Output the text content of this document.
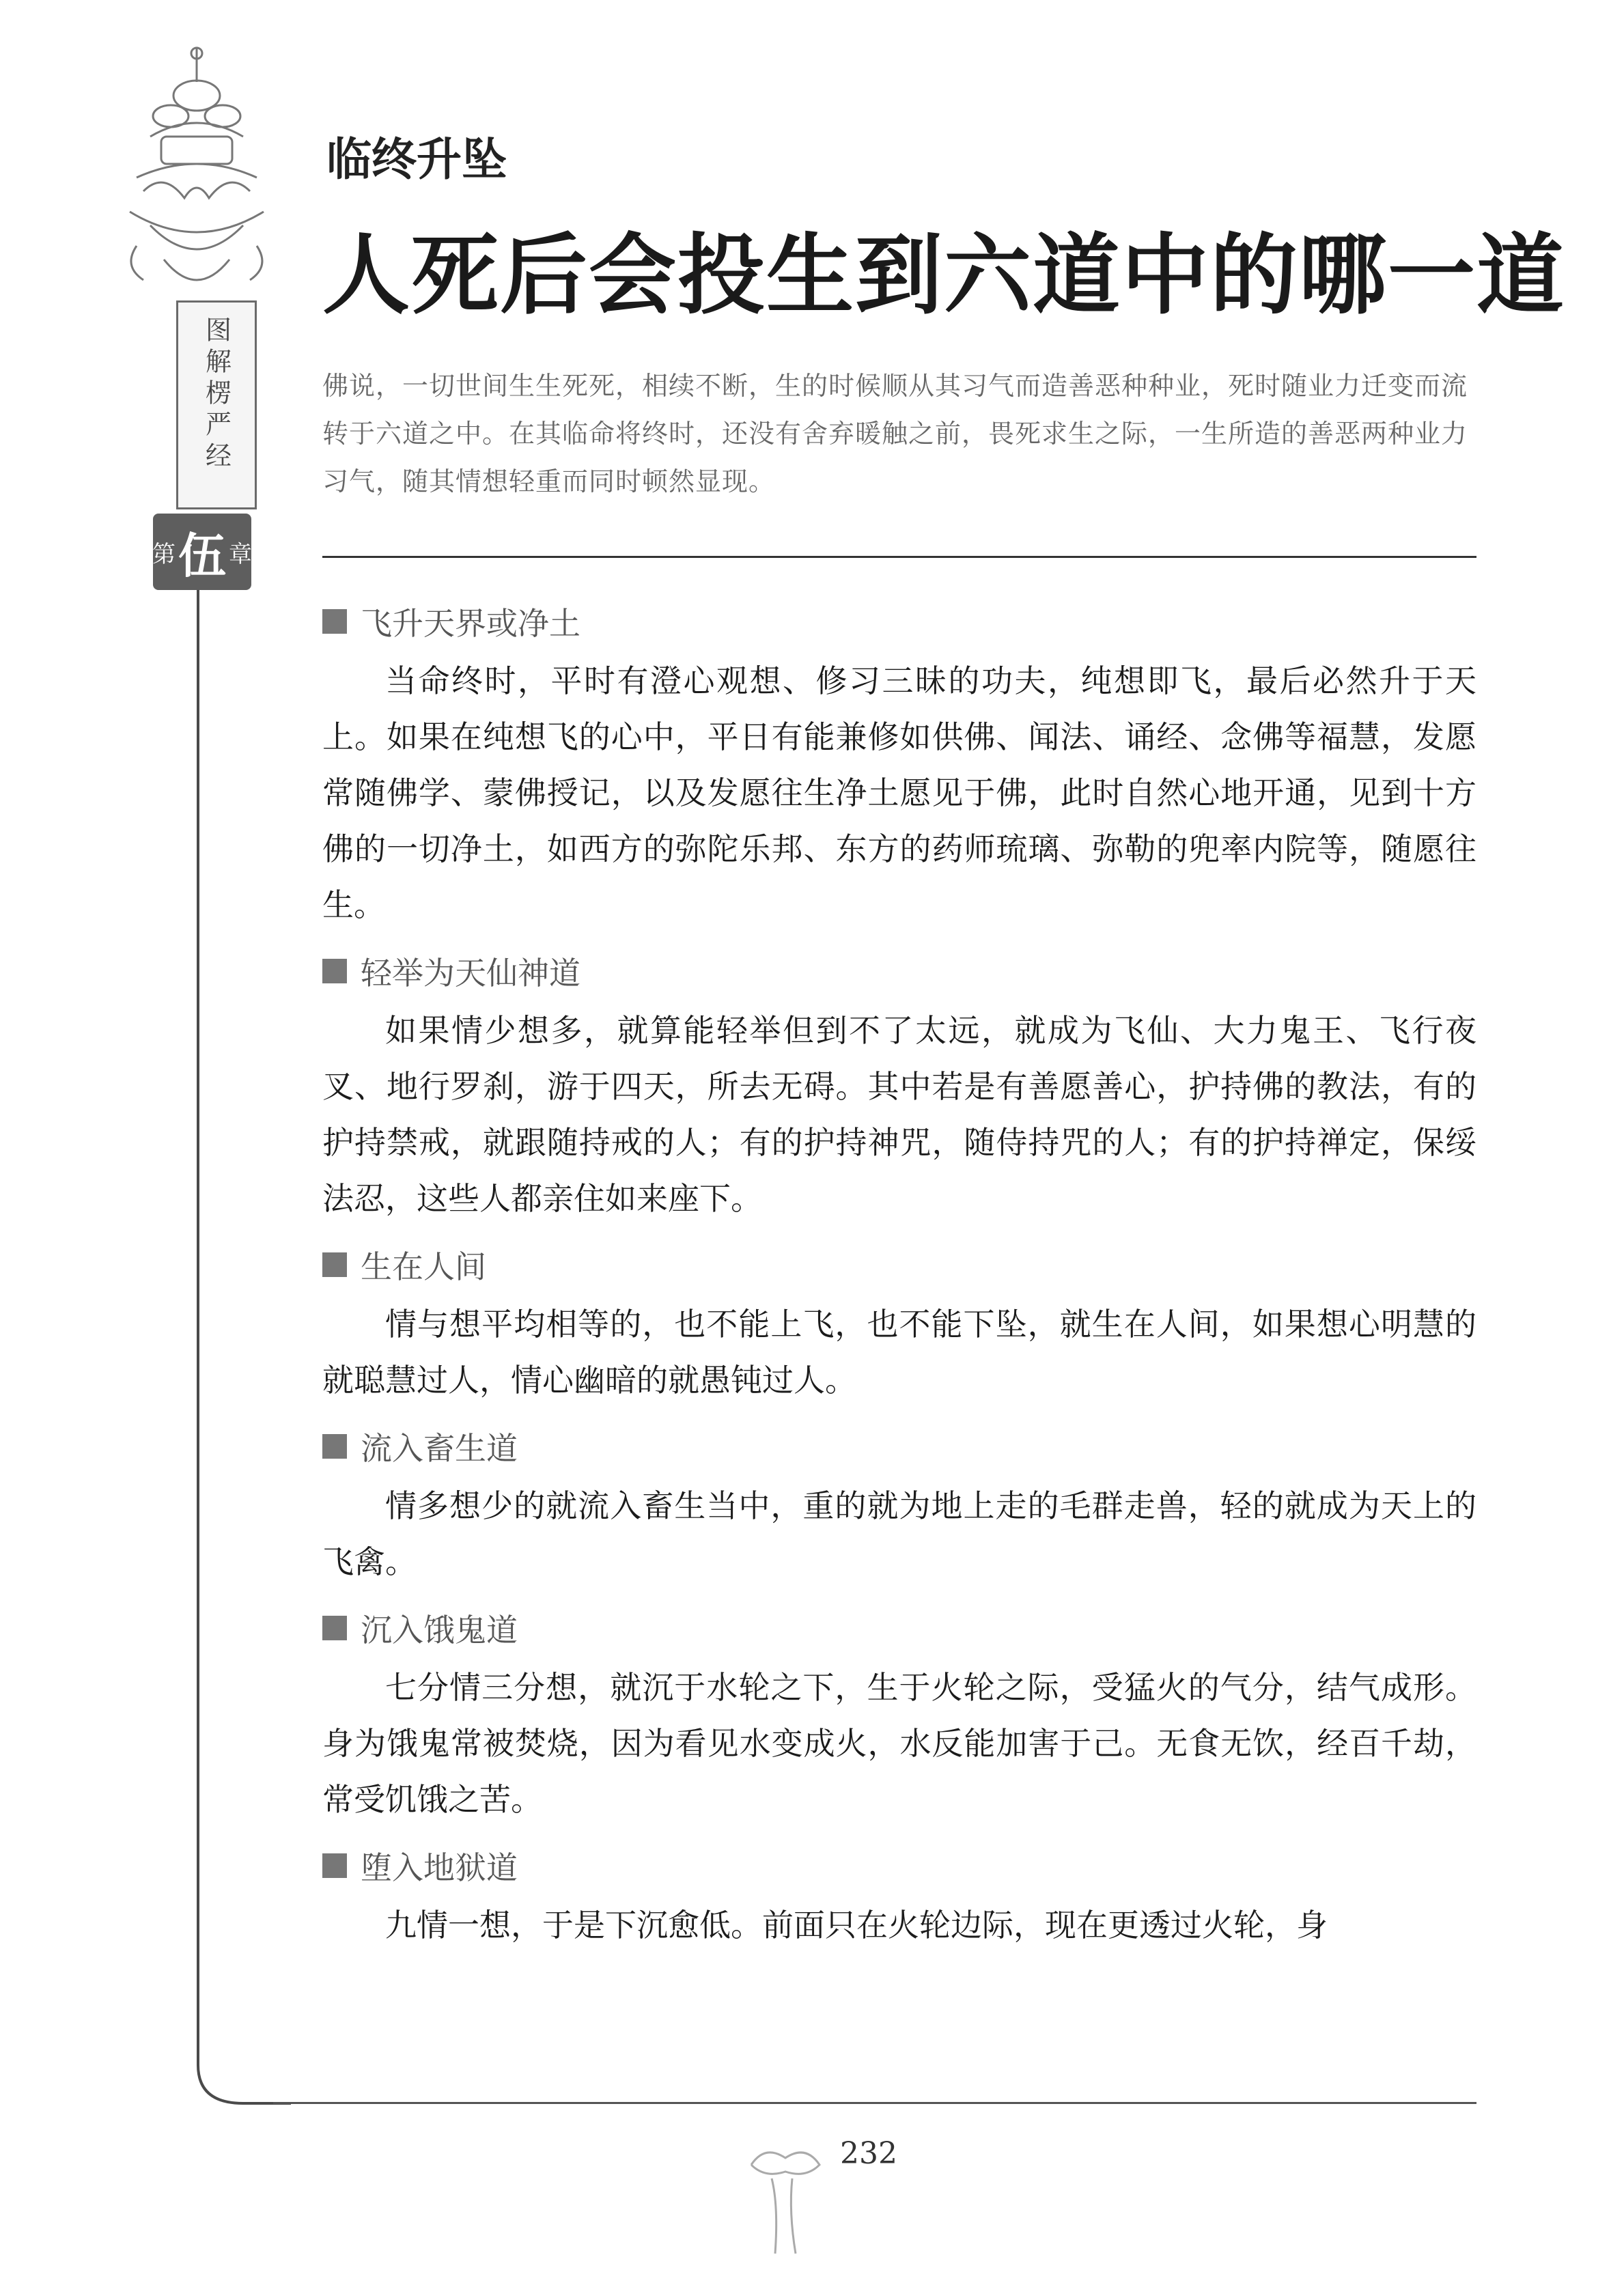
图解楞严经
第 伍 章
临终升坠
人死后会投生到六道中的哪一道
佛说，一切世间生生死死，相续不断，生的时候顺从其习气而造善恶种种业，死时随业力迁变而流转于六道之中。在其临命将终时，还没有舍弃暖触之前，畏死求生之际，一生所造的善恶两种业力习气，随其情想轻重而同时顿然显现。
飞升天界或净土

当命终时，平时有澄心观想、修习三昧的功夫，纯想即飞，最后必然升于天上。如果在纯想飞的心中，平日有能兼修如供佛、闻法、诵经、念佛等福慧，发愿常随佛学、蒙佛授记，以及发愿往生净土愿见于佛，此时自然心地开通，见到十方佛的一切净土，如西方的弥陀乐邦、东方的药师琉璃、弥勒的兜率内院等，随愿往生。

轻举为天仙神道

如果情少想多，就算能轻举但到不了太远，就成为飞仙、大力鬼王、飞行夜叉、地行罗刹，游于四天，所去无碍。其中若是有善愿善心，护持佛的教法，有的护持禁戒，就跟随持戒的人；有的护持神咒，随侍持咒的人；有的护持禅定，保绥法忍，这些人都亲住如来座下。

生在人间

情与想平均相等的，也不能上飞，也不能下坠，就生在人间，如果想心明慧的就聪慧过人，情心幽暗的就愚钝过人。

流入畜生道

情多想少的就流入畜生当中，重的就为地上走的毛群走兽，轻的就成为天上的飞禽。

沉入饿鬼道

七分情三分想，就沉于水轮之下，生于火轮之际，受猛火的气分，结气成形。身为饿鬼常被焚烧，因为看见水变成火，水反能加害于己。无食无饮，经百千劫，常受饥饿之苦。

堕入地狱道

九情一想，于是下沉愈低。前面只在火轮边际，现在更透过火轮，身

232
